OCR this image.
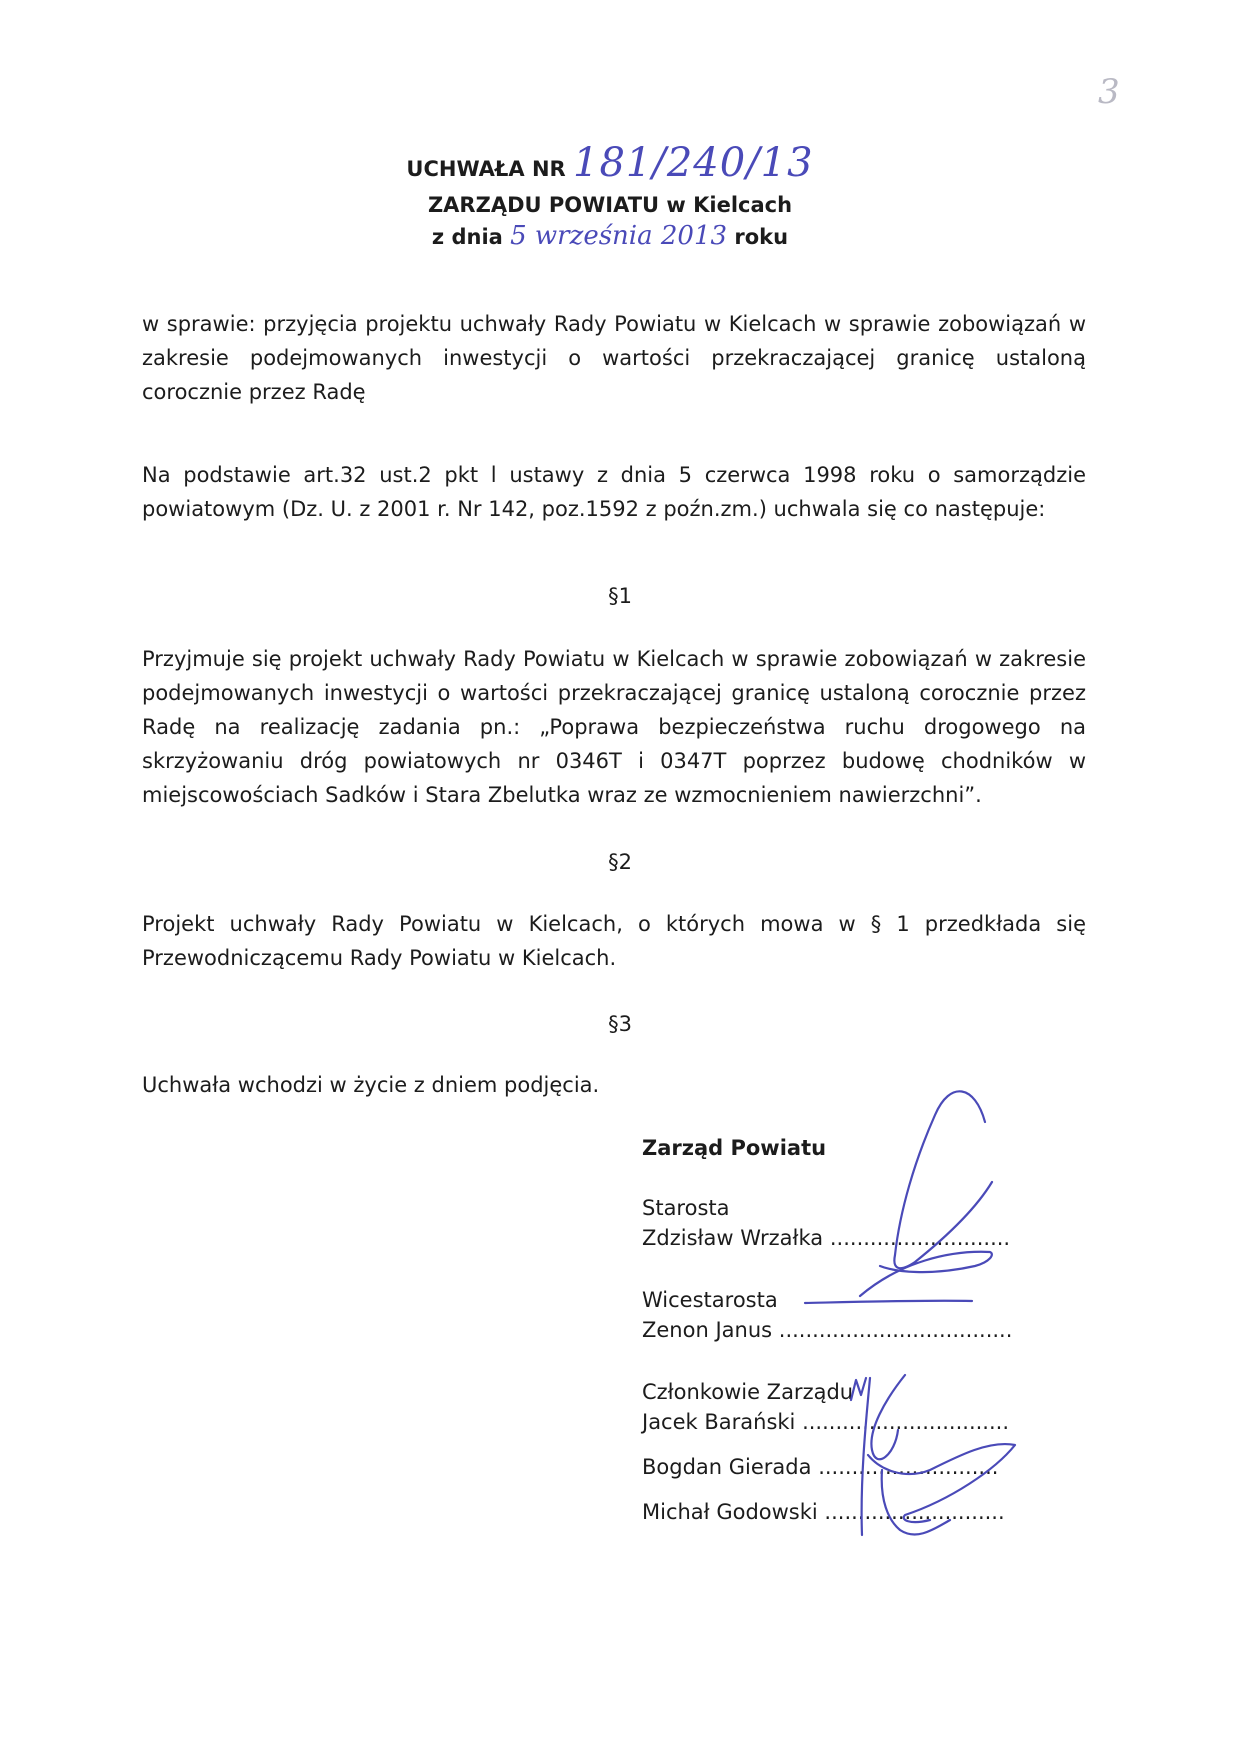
3
UCHWAŁA NR 181/240/13
ZARZĄDU POWIATU w Kielcach
z dnia 5 września 2013 roku
w sprawie: przyjęcia projektu uchwały Rady Powiatu w Kielcach w sprawie zobowiązań w zakresie podejmowanych inwestycji o wartości przekraczającej granicę ustaloną corocznie przez Radę
Na podstawie art.32 ust.2 pkt l ustawy z dnia 5 czerwca 1998 roku o samorządzie powiatowym (Dz. U. z 2001 r. Nr 142, poz.1592 z poźn.zm.) uchwala się co następuje:
§1
Przyjmuje się projekt uchwały Rady Powiatu w Kielcach w sprawie zobowiązań w zakresie podejmowanych inwestycji o wartości przekraczającej granicę ustaloną corocznie przez Radę na realizację zadania pn.: „Poprawa bezpieczeństwa ruchu drogowego na skrzyżowaniu dróg powiatowych nr 0346T i 0347T poprzez budowę chodników w miejscowościach Sadków i Stara Zbelutka wraz ze wzmocnieniem nawierzchni”.
§2
Projekt uchwały Rady Powiatu w Kielcach, o których mowa w § 1 przedkłada się Przewodniczącemu Rady Powiatu w Kielcach.
§3
Uchwała wchodzi w życie z dniem podjęcia.
Zarząd Powiatu
Starosta
Zdzisław Wrzałka ...........................
Wicestarosta
Zenon Janus ...................................
Członkowie Zarządu
Jacek Barański ...............................
Bogdan Gierada ...........................
Michał Godowski ...........................
